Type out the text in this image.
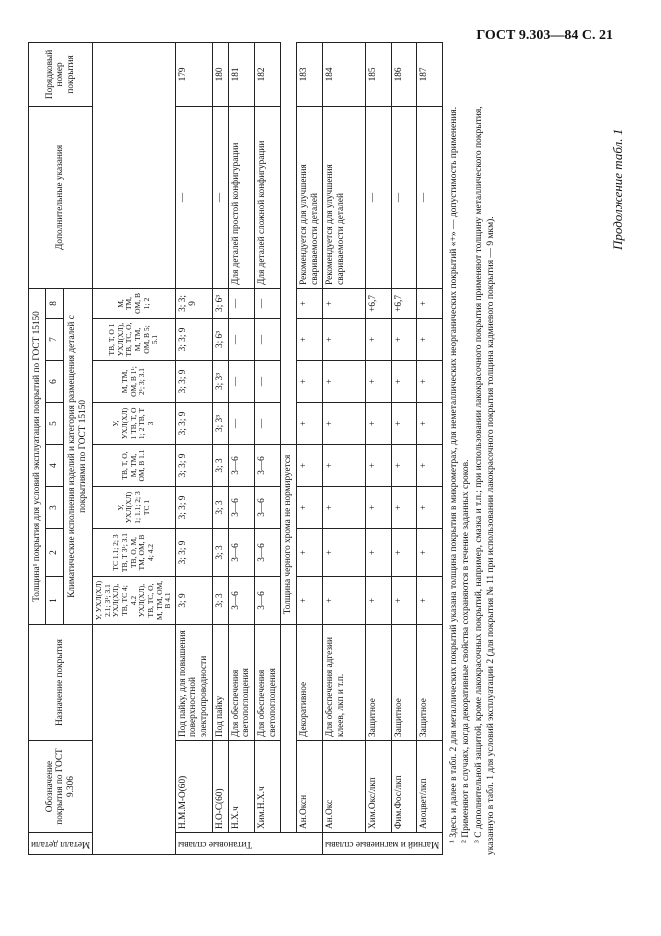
ГОСТ 9.303—84 С. 21
Продолжение табл. 1
Металл детали	Обозначение покрытия по ГОСТ 9.306	Назначение покрытия	Толщина¹ покрытия для условий эксплуатации покрытий по ГОСТ 15150								Дополнительные указания	Порядковый номер покрытия
			1	2	3	4	5	6	7	8		
			Климатические исполнения изделий и категория размещения деталей с покрытиями по ГОСТ 15150									
			У, УХЛ(ХЛ) 2.1; 3¹; 3.1 УХЛ(ХЛ), ТВ, ТС 4; 4.2 УХЛ(ХЛ), ТВ, ТС, О, М, ТМ, ОМ, В 4.1	ТС 1.1; 2; 3 ТВ, Т 3¹; 3.1 ТВ, О, М, ТМ, ОМ, В 4; 4.2	У, УХЛ(ХЛ) 1; 1.1; 2; 3 ТС 1	ТВ, Т, О, М, ТМ, ОМ, В 1.1	У, УХЛ(ХЛ) 1 ТВ, Т, О 1; 2 ТВ, Т 3	М, ТМ, ОМ, В 1¹; 2¹; 3; 3.1	ТВ, Т, О 1 УХЛ(ХЛ), ТВ, ТС, О, М, ТМ, ОМ, В 5; 5.1	М, ТМ, ОМ, В 1; 2		

Титановые сплавы	Н.М.М-О(60)	Под пайку, для повышения поверхностной электропроводности	3; 9	3; 3; 9	3; 3; 9	3; 3; 9	3; 3; 9	3; 3; 9	3; 3; 9	3; 3; 9	—	179
	Н.О-С(60)	Под пайку	3; 3	3; 3	3; 3	3; 3	3; 3³	3; 3³	3; 6³	3; 6³	—	180
	Н.Х.ч	Для обеспечения светопоглощения	3—6	3—6	3—6	3—6	—	—	—	—	Для деталей простой конфигурации	181
	Хим.Н.Х.ч	Для обеспечения светопоглощения	3—6	3—6	3—6	3—6	—	—	—	—	Для деталей сложной конфигурации	182
			Толщина черного хрома не нормируется									
	Ан.Оксн	Декоративное	+	+	+	+	+	+	+	+	Рекомендуется для улучшения свариваемости деталей	183

Магний и магниевые сплавы	Ан.Окс	Для обеспечения адгезии клеев, лкп и т.п.	+	+	+	+	+	+	+	+	Рекомендуется для улучшения свариваемости деталей	184
	Хим.Окс/лкп	Защитное	+	+	+	+	+	+	+	+6,7	—	185
	Фим.Фос/лкп	Защитное	+	+	+	+	+	+	+	+6,7	—	186
	Аноцвет/лкп	Защитное	+	+	+	+	+	+	+	+	—	187

¹ Здесь и далее в табл. 2 для металлических покрытий указана толщина покрытия в микрометрах, для неметаллических неорганических покрытий «+» — допустимость применения. ² Применяют в случаях, когда декоративные свойства сохраняются в течение заданных сроков. ³ С дополнительной защитой, кроме лакокрасочных покрытий, например, смазка и т.п.; при использовании лакокрасочного покрытия применяют толщину металлического покрытия, указанную в табл. 1 для условий эксплуатации 2 (для покрытия № 11 при использовании лакокрасочного покрытия толщина кадмиевого покрытия — 9 мкм).
